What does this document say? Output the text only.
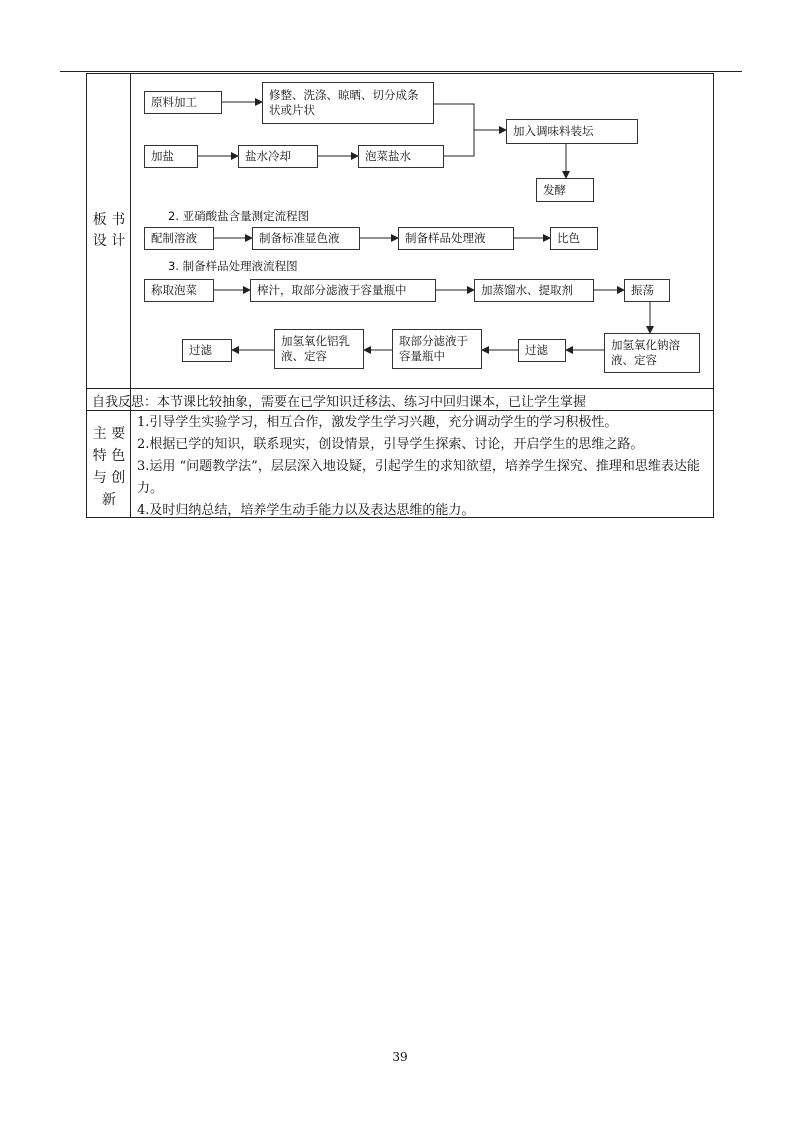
板 书
设 计
原料加工	修整、洗涤、晾晒、切分成条状或片状
加盐	盐水冷却	泡菜盐水
加入调味料装坛
发酵
2. 亚硝酸盐含量测定流程图
配制溶液	制备标准显色液	制备样品处理液	比色
3. 制备样品处理液流程图
称取泡菜	榨汁，取部分滤液于容量瓶中	加蒸馏水、提取剂	振荡
加氢氧化钠溶液、定容
过滤
取部分滤液于容量瓶中
加氢氧化铝乳液、定容
过滤
自我反思：本节课比较抽象，需要在已学知识迁移法、练习中回归课本，已让学生掌握
主 要
特 色
与 创
新

1.引导学生实验学习，相互合作，激发学生学习兴趣，充分调动学生的学习积极性。

2.根据已学的知识，联系现实，创设情景，引导学生探索、讨论，开启学生的思维之路。

3.运用 “问题教学法”，层层深入地设疑，引起学生的求知欲望，培养学生探究、推理和思维表达能力。

4.及时归纳总结，培养学生动手能力以及表达思维的能力。

39
